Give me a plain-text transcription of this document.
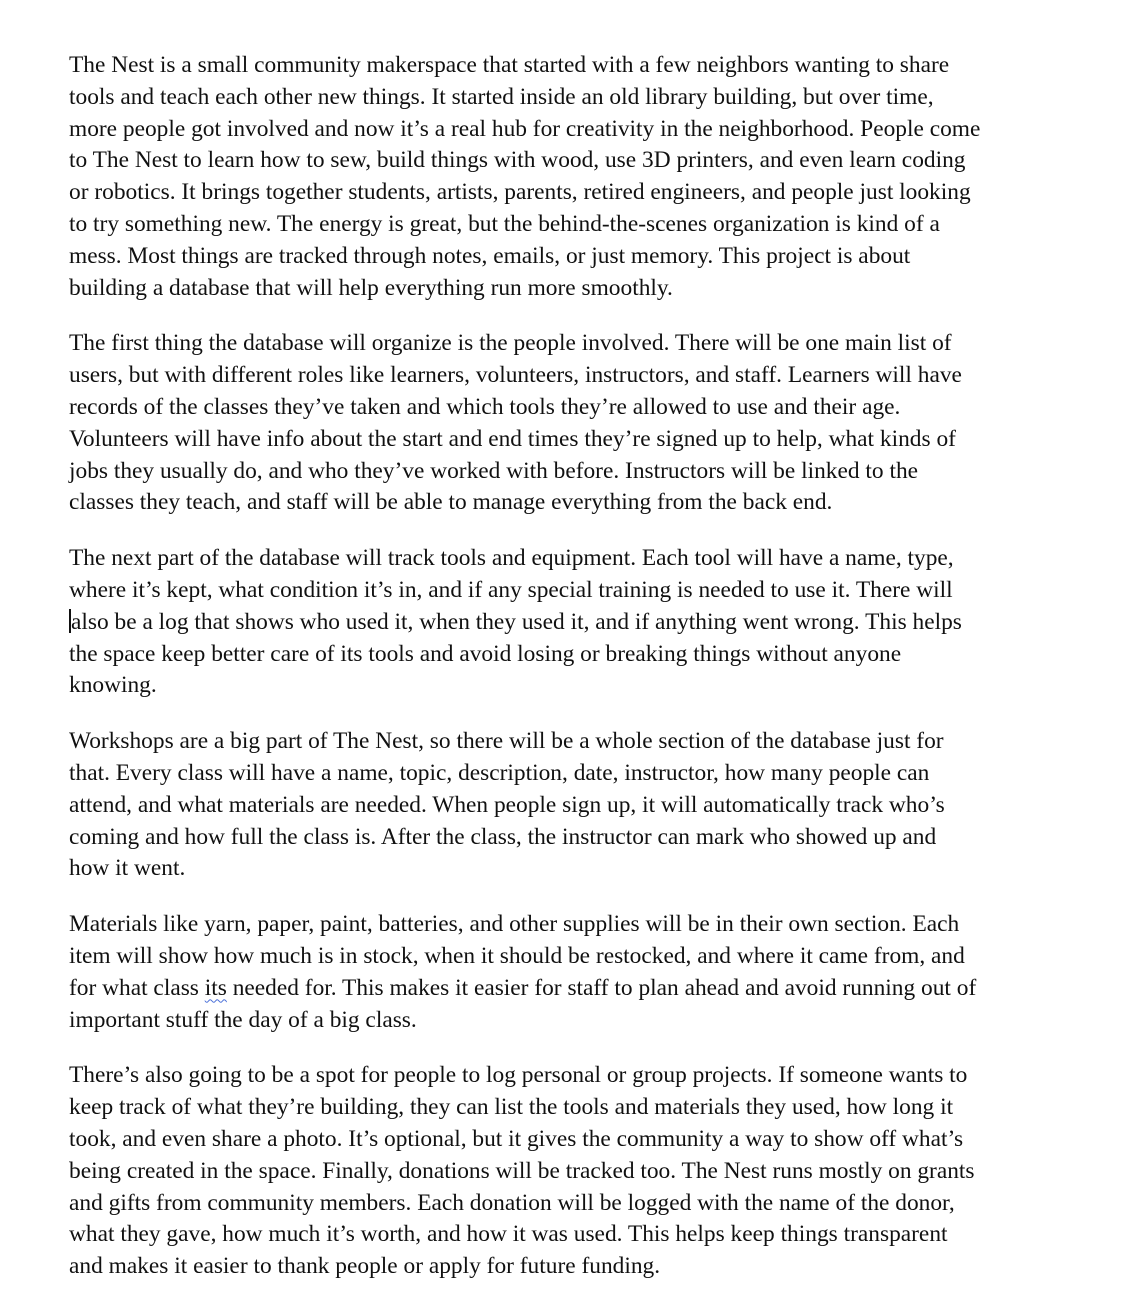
The Nest is a small community makerspace that started with a few neighbors wanting to share
tools and teach each other new things. It started inside an old library building, but over time,
more people got involved and now it’s a real hub for creativity in the neighborhood. People come
to The Nest to learn how to sew, build things with wood, use 3D printers, and even learn coding
or robotics. It brings together students, artists, parents, retired engineers, and people just looking
to try something new. The energy is great, but the behind-the-scenes organization is kind of a
mess. Most things are tracked through notes, emails, or just memory. This project is about
building a database that will help everything run more smoothly.

The first thing the database will organize is the people involved. There will be one main list of
users, but with different roles like learners, volunteers, instructors, and staff. Learners will have
records of the classes they’ve taken and which tools they’re allowed to use and their age.
Volunteers will have info about the start and end times they’re signed up to help, what kinds of
jobs they usually do, and who they’ve worked with before. Instructors will be linked to the
classes they teach, and staff will be able to manage everything from the back end.

The next part of the database will track tools and equipment. Each tool will have a name, type,
where it’s kept, what condition it’s in, and if any special training is needed to use it. There will
also be a log that shows who used it, when they used it, and if anything went wrong. This helps
the space keep better care of its tools and avoid losing or breaking things without anyone
knowing.

Workshops are a big part of The Nest, so there will be a whole section of the database just for
that. Every class will have a name, topic, description, date, instructor, how many people can
attend, and what materials are needed. When people sign up, it will automatically track who’s
coming and how full the class is. After the class, the instructor can mark who showed up and
how it went.

Materials like yarn, paper, paint, batteries, and other supplies will be in their own section. Each
item will show how much is in stock, when it should be restocked, and where it came from, and
for what class its needed for. This makes it easier for staff to plan ahead and avoid running out of
important stuff the day of a big class.

There’s also going to be a spot for people to log personal or group projects. If someone wants to
keep track of what they’re building, they can list the tools and materials they used, how long it
took, and even share a photo. It’s optional, but it gives the community a way to show off what’s
being created in the space. Finally, donations will be tracked too. The Nest runs mostly on grants
and gifts from community members. Each donation will be logged with the name of the donor,
what they gave, how much it’s worth, and how it was used. This helps keep things transparent
and makes it easier to thank people or apply for future funding.
